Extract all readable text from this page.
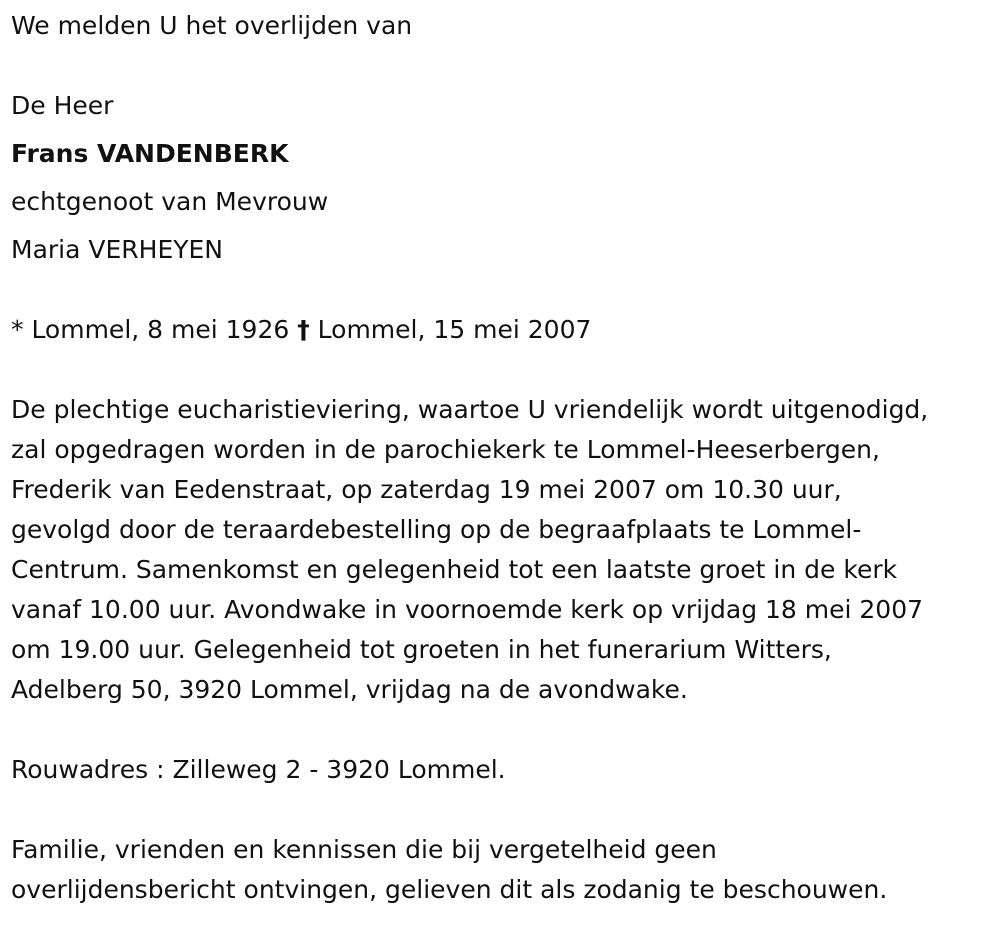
We melden U het overlijden van
De Heer
Frans VANDENBERK
echtgenoot van Mevrouw
Maria VERHEYEN
* Lommel, 8 mei 1926 † Lommel, 15 mei 2007
De plechtige eucharistieviering, waartoe U vriendelijk wordt uitgenodigd,
zal opgedragen worden in de parochiekerk te Lommel-Heeserbergen,
Frederik van Eedenstraat, op zaterdag 19 mei 2007 om 10.30 uur,
gevolgd door de teraardebestelling op de begraafplaats te Lommel-
Centrum. Samenkomst en gelegenheid tot een laatste groet in de kerk
vanaf 10.00 uur. Avondwake in voornoemde kerk op vrijdag 18 mei 2007
om 19.00 uur. Gelegenheid tot groeten in het funerarium Witters,
Adelberg 50, 3920 Lommel, vrijdag na de avondwake.
Rouwadres : Zilleweg 2 - 3920 Lommel.
Familie, vrienden en kennissen die bij vergetelheid geen
overlijdensbericht ontvingen, gelieven dit als zodanig te beschouwen.
